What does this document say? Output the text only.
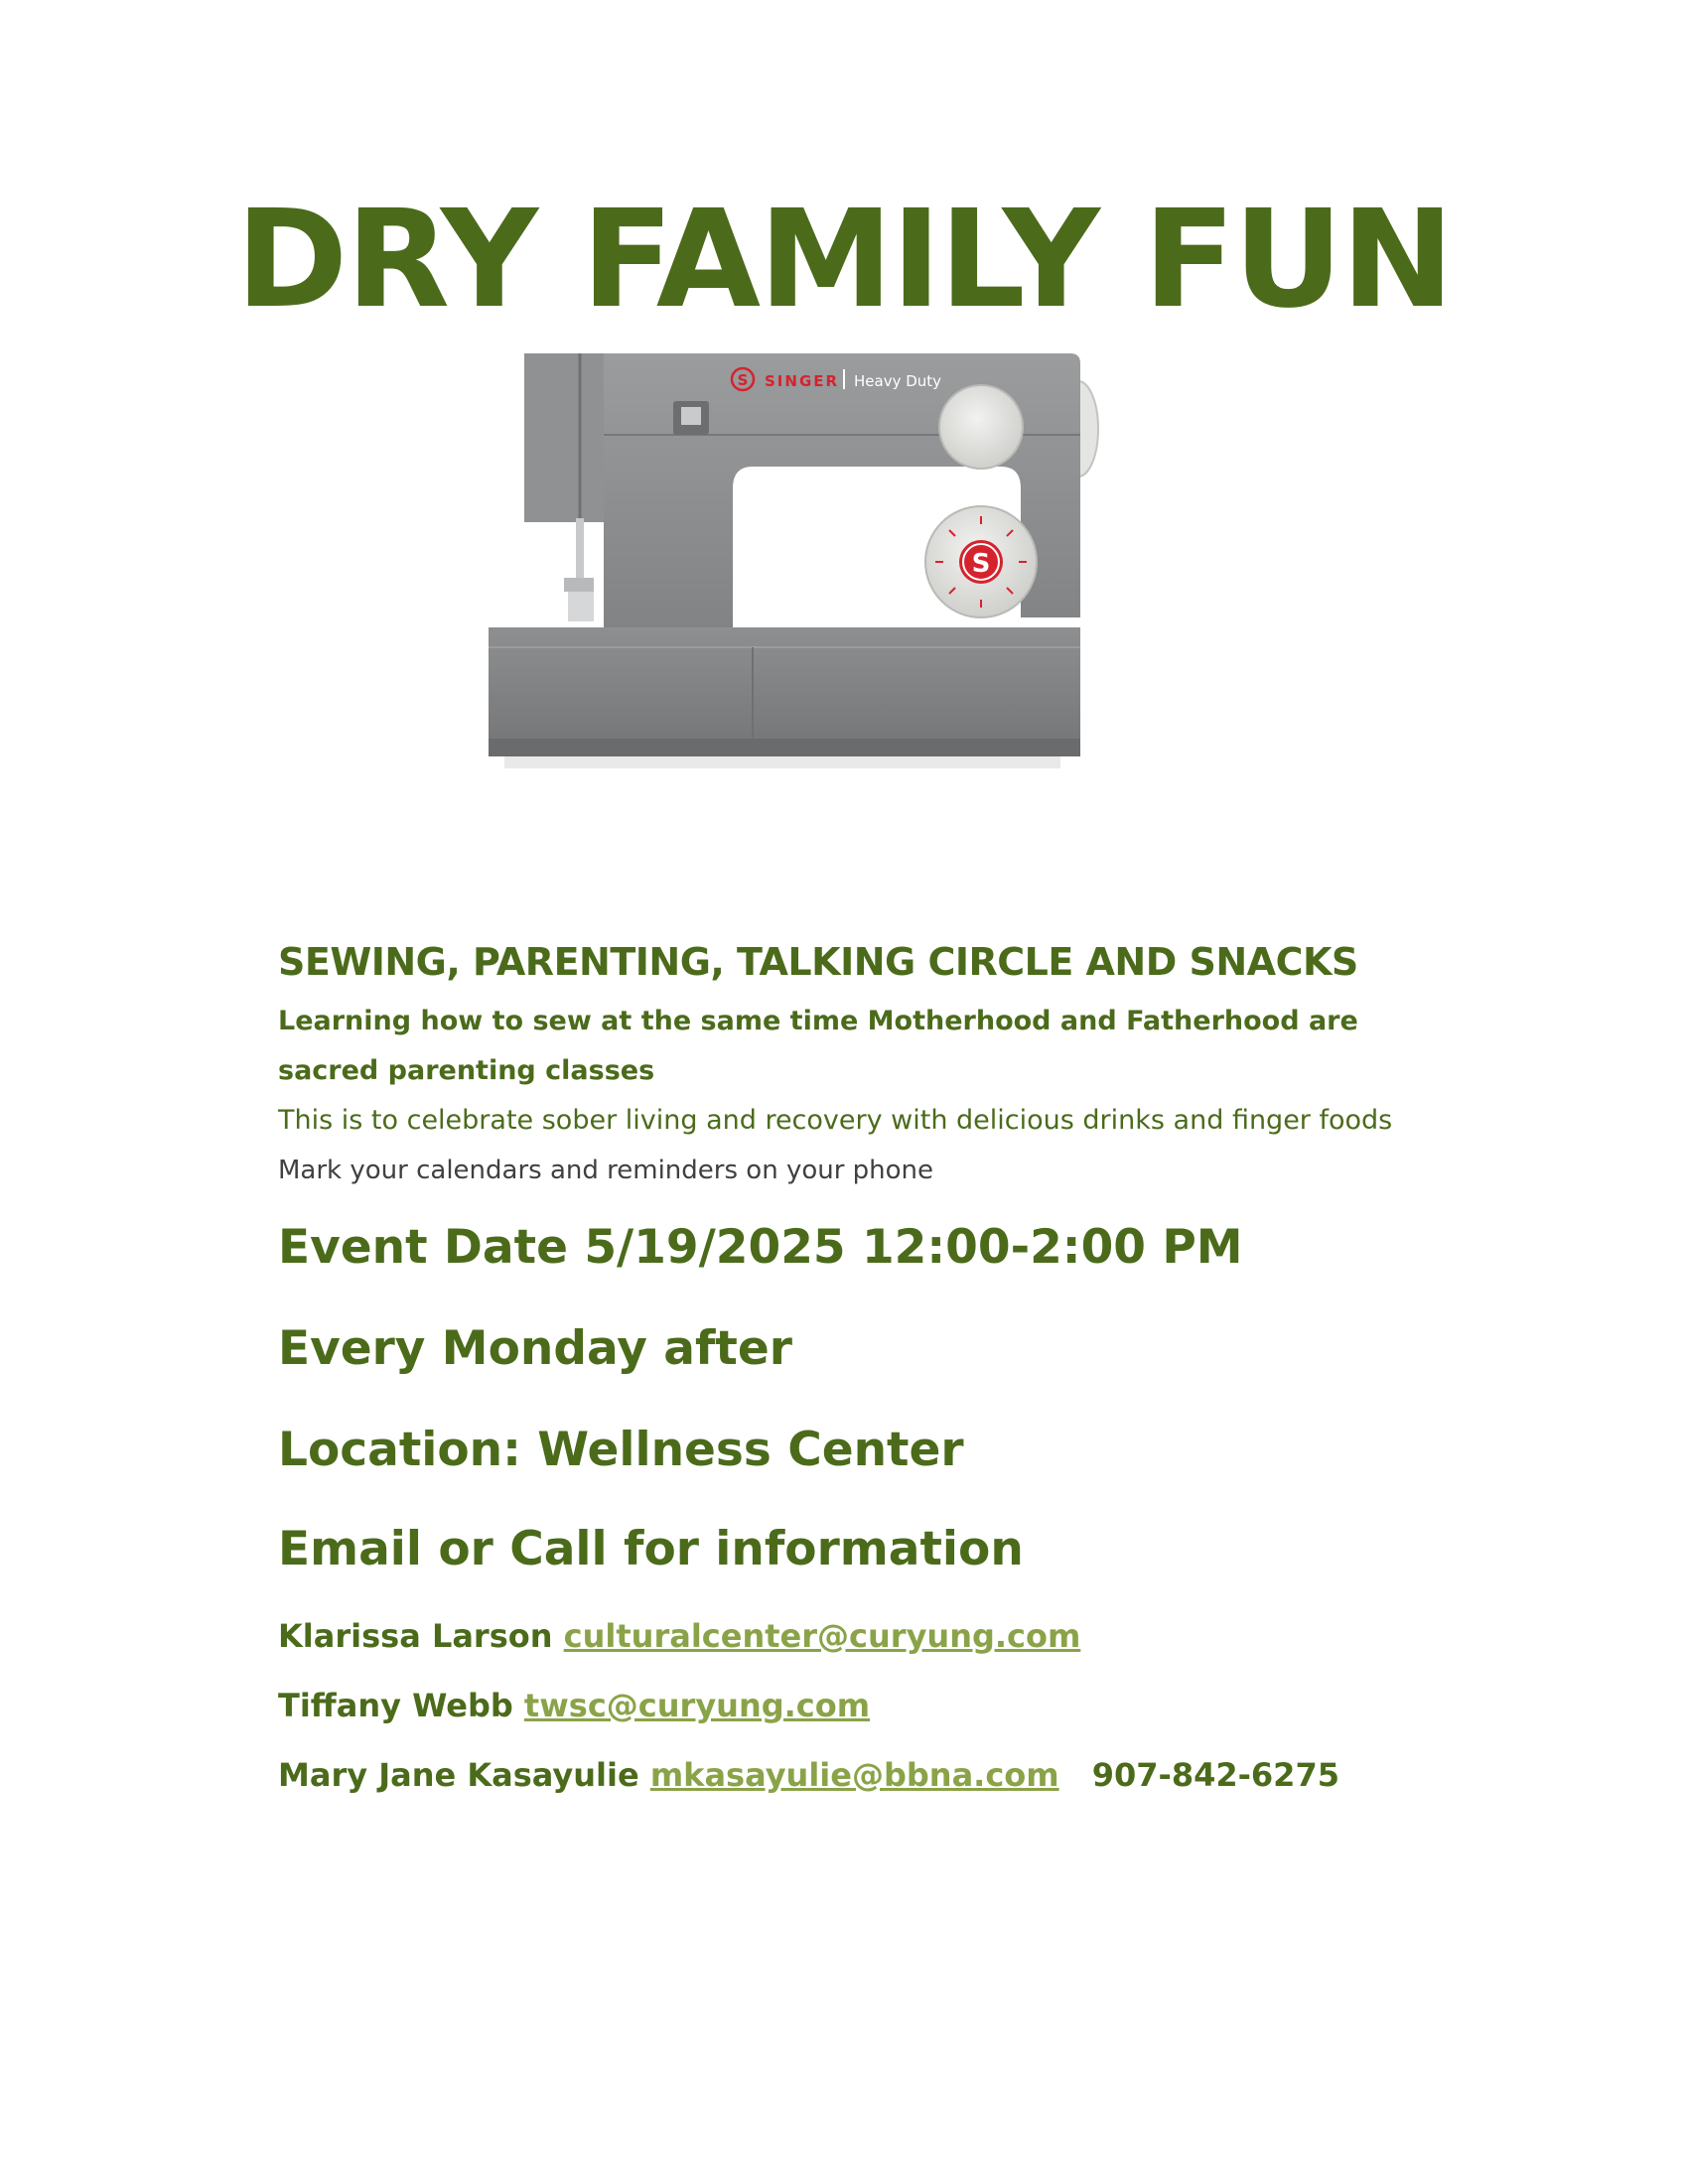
DRY FAMILY FUN
S SINGER Heavy Duty
S
SEWING, PARENTING, TALKING CIRCLE AND SNACKS

Learning how to sew at the same time Motherhood and Fatherhood are sacred parenting classes

This is to celebrate sober living and recovery with delicious drinks and finger foods

Mark your calendars and reminders on your phone

Event Date 5/19/2025 12:00-2:00 PM

Every Monday after

Location: Wellness Center

Email or Call for information

Klarissa Larson culturalcenter@curyung.com

Tiffany Webb twsc@curyung.com

Mary Jane Kasayulie mkasayulie@bbna.com 907-842-6275
